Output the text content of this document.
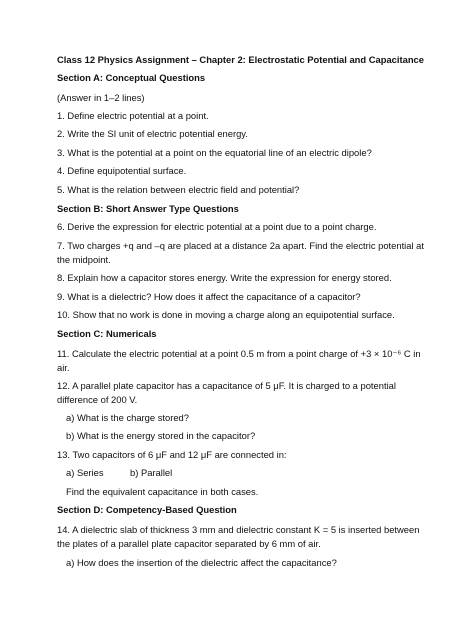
Class 12 Physics Assignment – Chapter 2: Electrostatic Potential and Capacitance

Section A: Conceptual Questions

(Answer in 1–2 lines)

1. Define electric potential at a point.

2. Write the SI unit of electric potential energy.

3. What is the potential at a point on the equatorial line of an electric dipole?

4. Define equipotential surface.

5. What is the relation between electric field and potential?

Section B: Short Answer Type Questions

6. Derive the expression for electric potential at a point due to a point charge.

7. Two charges +q and –q are placed at a distance 2a apart. Find the electric potential at

the midpoint.

8. Explain how a capacitor stores energy. Write the expression for energy stored.

9. What is a dielectric? How does it affect the capacitance of a capacitor?

10. Show that no work is done in moving a charge along an equipotential surface.

Section C: Numericals

11. Calculate the electric potential at a point 0.5 m from a point charge of +3 × 10⁻⁶ C in

air.

12. A parallel plate capacitor has a capacitance of 5 μF. It is charged to a potential

difference of 200 V.

a) What is the charge stored?

b) What is the energy stored in the capacitor?

13. Two capacitors of 6 μF and 12 μF are connected in:

a) Series	b) Parallel

Find the equivalent capacitance in both cases.

Section D: Competency-Based Question

14. A dielectric slab of thickness 3 mm and dielectric constant K = 5 is inserted between

the plates of a parallel plate capacitor separated by 6 mm of air.

a) How does the insertion of the dielectric affect the capacitance?
